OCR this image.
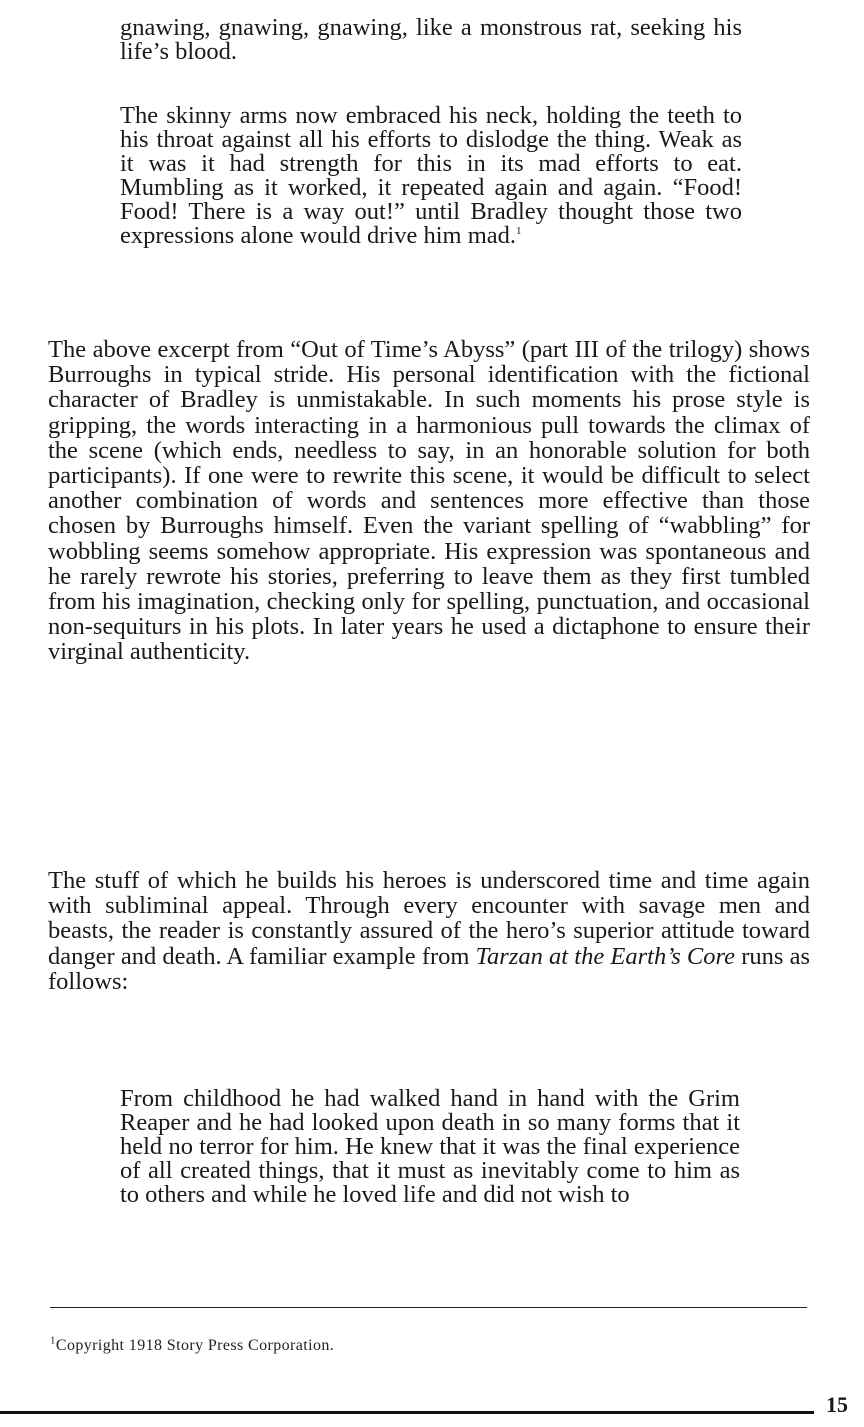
gnawing, gnawing, gnawing, like a monstrous rat, seeking his life’s blood.

The skinny arms now embraced his neck, holding the teeth to his throat against all his efforts to dislodge the thing. Weak as it was it had strength for this in its mad efforts to eat. Mumbling as it worked, it repeated again and again. “Food! Food! There is a way out!” until Bradley thought those two expressions alone would drive him mad.$^1$

The above excerpt from “Out of Time’s Abyss” (part III of the trilogy) shows Burroughs in typical stride. His personal identification with the fictional character of Bradley is unmistakable. In such moments his prose style is gripping, the words interacting in a harmonious pull towards the climax of the scene (which ends, needless to say, in an honorable solution for both participants). If one were to rewrite this scene, it would be difficult to select another combination of words and sentences more effective than those chosen by Burroughs himself. Even the variant spelling of “wabbling” for wobbling seems somehow appropriate. His expression was spontaneous and he rarely rewrote his stories, preferring to leave them as they first tumbled from his imagination, checking only for spelling, punctuation, and occasional non-sequiturs in his plots. In later years he used a dictaphone to ensure their virginal authenticity.

The stuff of which he builds his heroes is underscored time and time again with subliminal appeal. Through every encounter with savage men and beasts, the reader is constantly assured of the hero’s superior attitude toward danger and death. A familiar example from Tarzan at the Earth’s Core runs as follows:

From childhood he had walked hand in hand with the Grim Reaper and he had looked upon death in so many forms that it held no terror for him. He knew that it was the final experience of all created things, that it must as inevitably come to him as to others and while he loved life and did not wish to

$^1$Copyright 1918 Story Press Corporation.

15
